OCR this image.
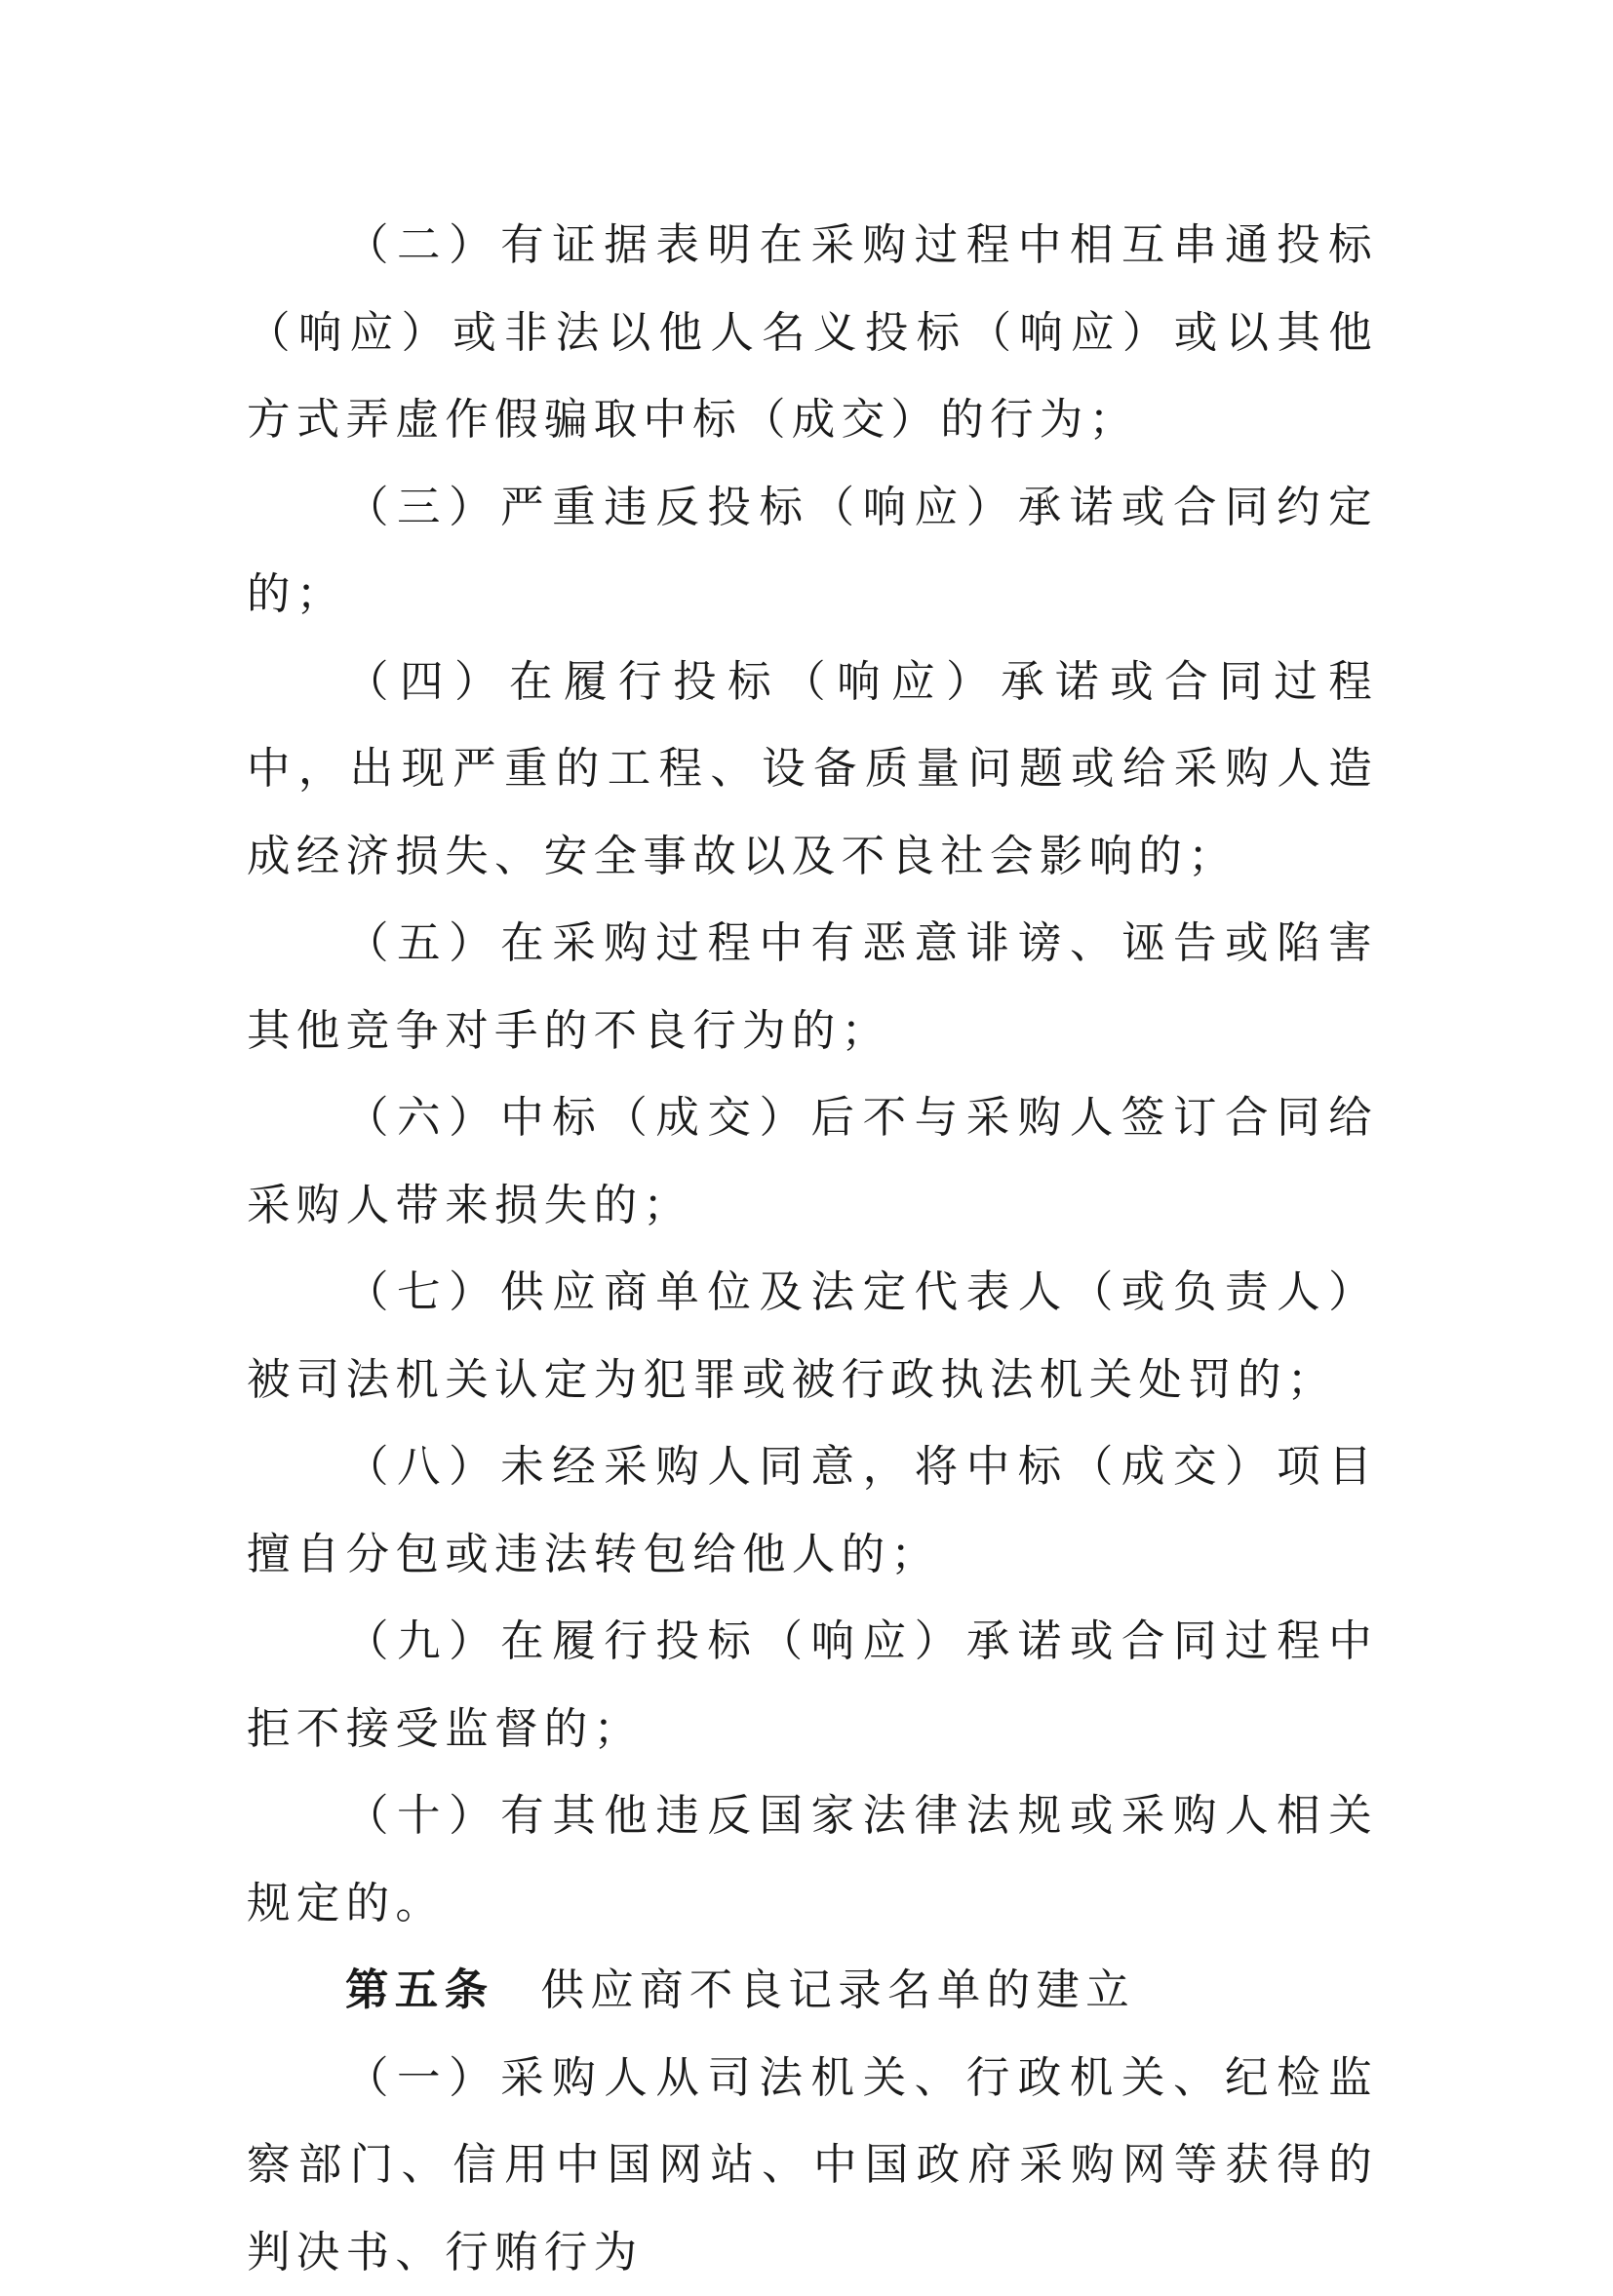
（二）有证据表明在采购过程中相互串通投标（响应）或非法以他人名义投标（响应）或以其他方式弄虚作假骗取中标（成交）的行为；

（三）严重违反投标（响应）承诺或合同约定的；

（四）在履行投标（响应）承诺或合同过程中，出现严重的工程、设备质量问题或给采购人造成经济损失、安全事故以及不良社会影响的；

（五）在采购过程中有恶意诽谤、诬告或陷害其他竞争对手的不良行为的；

（六）中标（成交）后不与采购人签订合同给采购人带来损失的；

（七）供应商单位及法定代表人（或负责人）被司法机关认定为犯罪或被行政执法机关处罚的；

（八）未经采购人同意，将中标（成交）项目擅自分包或违法转包给他人的；

（九）在履行投标（响应）承诺或合同过程中拒不接受监督的；

（十）有其他违反国家法律法规或采购人相关规定的。

第五条 供应商不良记录名单的建立

（一）采购人从司法机关、行政机关、纪检监察部门、信用中国网站、中国政府采购网等获得的判决书、行贿行为
